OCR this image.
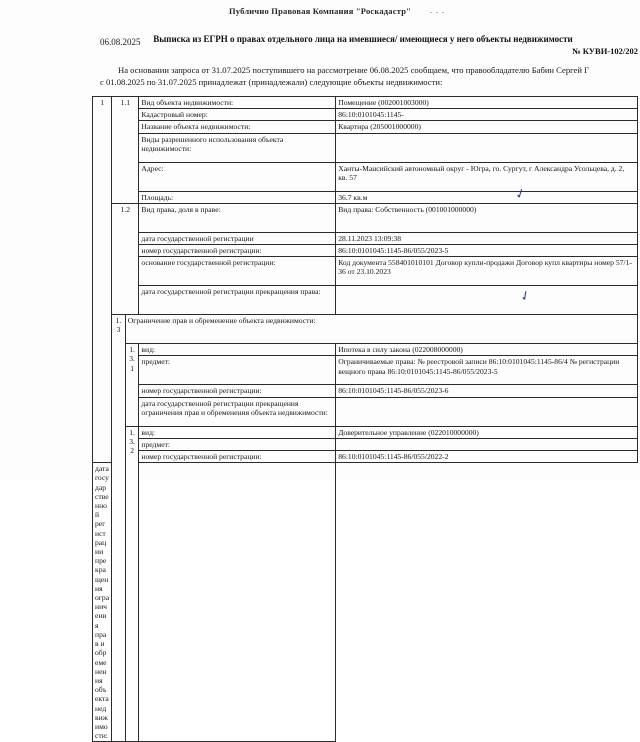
Публично Правовая Компания "Роскадастр"	. . .
06.08.2025	Выписка из ЕГРН о правах отдельного лица на имевшиеся/ имеющиеся у него объекты недвижимости
№ КУВИ-102/202
На основании запроса от 31.07.2025 поступившего на рассмотрение 06.08.2025 сообщаем, что правообладателю Бабин Сергей Г
с 01.08.2025 по 31.07.2025 принадлежат (принадлежали) следующие объекты недвижимости:
1	1.1		Вид объекта недвижимости:	Помещение (002001003000)
			Кадастровый номер:	86:10:0101045:1145-
			Название объекта недвижимости:	Квартира (205001000000)
			Виды разрешенного использования объекта недвижимости:	
			Адрес:	Ханты-Мансийский автономный округ - Югра, го. Сургут, г Александра Усольцева, д. 2, кв. 57
			Площадь:	36.7 кв.м
	1.2		Вид права, доля в праве:	Вид права: Собственность (001001000000)
			дата государственной регистрации	28.11.2023 13:09:38
			номер государственной регистрации:	86:10:0101045:1145-86/055/2023-5
			основание государственной регистрации:	Код документа 558401010101 Договор купли-продажи Договор купл квартиры номер 57/1-36 от 23.10.2023
			дата государственной регистрации прекращения права:	
	1.3	Ограничение прав и обременение объекта недвижимости:		
		1.3.1	вид:	Ипотека в силу закона (022008000000)
			предмет:	Ограничиваемые права: № реестровой записи 86:10:0101045:1145-86/4 № регистрации вещного права 86:10:0101045:1145-86/055/2023-5
			номер государственной регистрации:	86:10:0101045:1145-86/055/2023-6
			дата государственной регистрации прекращения ограничения прав и обременения объекта недвижимости:	
		1.3.2	вид:	Доверительное управление (022010000000)
			предмет:	
			номер государственной регистрации:	86:10:0101045:1145-86/055/2022-2
дата государственной регистрации прекращения ограничения прав и обременения объекта недвижимости:				
✓
✓
